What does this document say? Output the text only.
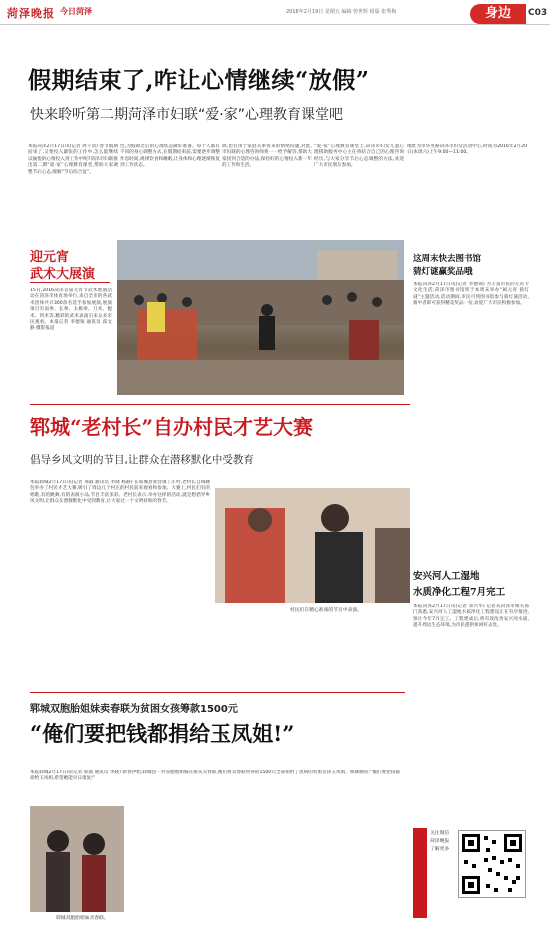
菏泽晚报 今日菏泽	2016年2月19日 星期五 编辑 曾世辉 组版 张秀梅	身边	C03
假期结束了,咋让心情继续“放假”
快来聆听第二期菏泽市妇联“爱·家”心理教育课堂吧
本报菏泽2月17日讯(记者 周千清) 春节假期结束了,又要投入紧张的工作中,怎么能继续以愉悦的心情投入到工作中呢?菏泽市妇联推出第二期“爱·家”心理教育课堂,帮助大家调整节后心态,缓解“节后综合征”。
色,为假期过后的心理状态做好准备。每个人都有不同的身心调整方式,在假期结束前,需要逐步调整作息时间,规律饮食和睡眠,让身体和心理逐渐恢复到工作状态。
调,也有由于家庭关系带来的情绪问题,对此,市妇联的心理咨询师将一一给予解答,帮助大家找到合适的办法,保持好的心情投入新一年的工作和生活。
“爱·家”心理教育课堂上,菏泽市妇女儿童心理援助服务中心主任将结合自己的心理咨询经历,与大家分享节后心态调整的方法,欢迎广大市民朋友参加。
地址为市华英路菏泽市妇女活动中心,时间为2016年2月20日(本周六)上午9:00—11:00。
迎元宵
武术大展演
15日,2016菏泽首届元宵节武术展演活动在菏泽市体育场举行,来自全市的各武术团体共计300余名选手参加展演,展演项目有南拳、长拳、太极拳、刀术、棍术、剑术等,精彩的武术表演引来众多市民观看。本报记者 李德领 通讯员 邱文静 摄影报道
这周末快去图书馆
猜灯谜赢奖品哦
本报菏泽2月17日讯(记者 李德领) 为丰富市民的元宵节文化生活,菏泽市图书馆将于本周末举办“闹元宵 猜灯谜”主题活动,活动期间,市民可到图书馆参与猜灯谜活动,猜中者即可获得精美奖品一份,欢迎广大市民积极参加。
郓城“老村长”自办村民才艺大赛
倡导乡风文明的节目,让群众在潜移默化中受教育
本报郓城2月17日讯(记者 邢淑 通讯员 李晓 杨静) 在郓城县张营镇丁庄村,老村长自掏腰包举办了村民才艺大赛,吸引了周边几个村庄的村民前来观看和参加。大赛上,村民们有的唱歌,有的跳舞,有的表演小品,节目丰富多彩。老村长表示,举办这样的活动,就是想倡导乡风文明,让群众在潜移默化中受到教育,让大家过一个文明祥和的春节。
村民们在精心准备的节目中表演。
安兴河人工湿地
水质净化工程7月完工
本报菏泽2月17日讯(记者 邓兴华) 记者从菏泽市相关部门获悉,安兴河人工湿地水质净化工程建设正在有序推进,预计今年7月完工。工程建成后,将有效改善安兴河水质,提升周边生态环境,为市民提供休闲好去处。
郓城双胞胎姐妹卖春联为贫困女孩筹款1500元
“俺们要把钱都捐给玉凤姐!”
本报郓城2月17日讯(记者 邢淑 通讯员 李晓) 新春伊始,郓城县一对双胞胎姐妹在街头卖春联,她们将卖春联所得的1500元全部捐给了患病的贫困女孩玉凤姐。姐妹俩说:“俺们要把钱都捐给玉凤姐,希望她能早日康复!”
郓城双胞胎姐妹卖春联。
关注微信菏泽晚报 了解更多
